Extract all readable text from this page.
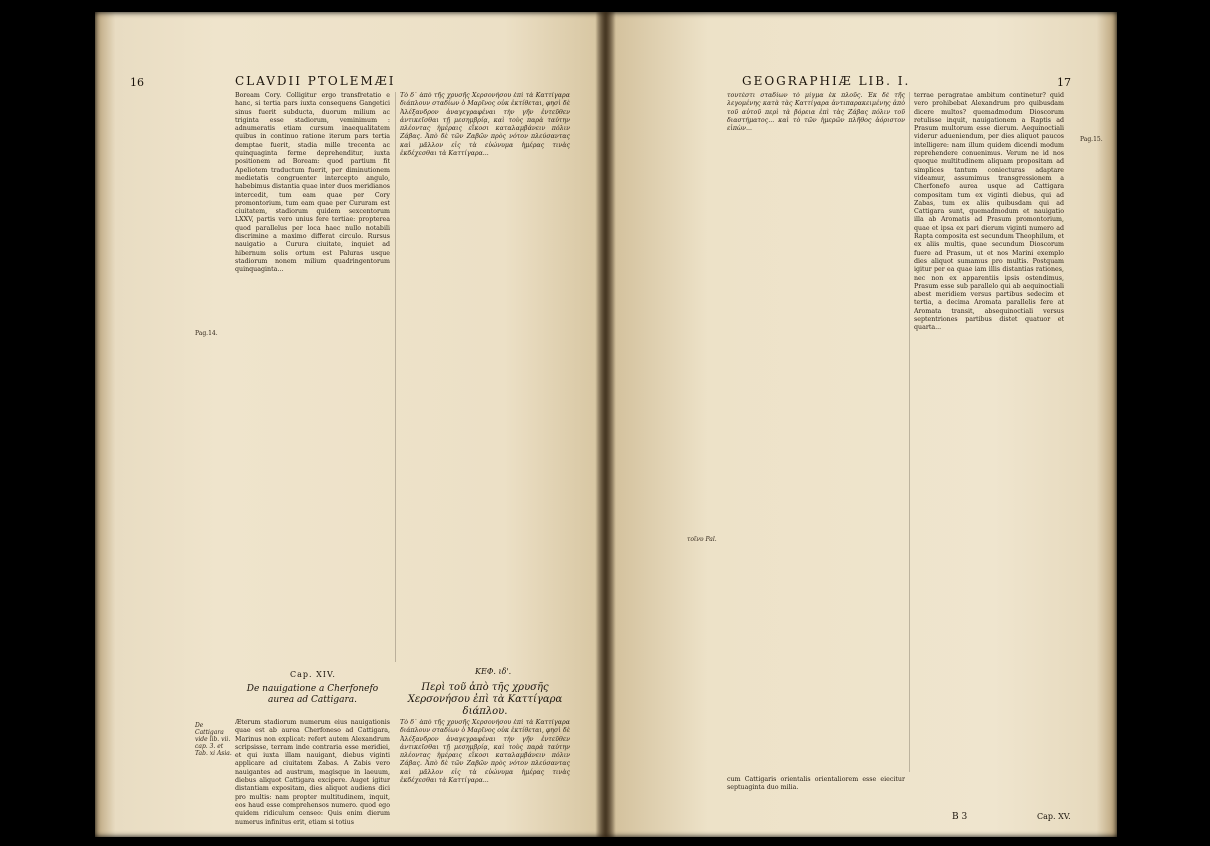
16	CLAVDII PTOLEMÆI
Pag.14.
Boream Cory. Colligitur ergo transfretatio e hanc, si tertia pars iuxta consequens Gangetici sinus fuerit subducta, duorum milium ac triginta esse stadiorum, veminimum : adnumeratis etiam cursum inaequalitatem quibus in continuo ratione iterum pars tertia demptae fuerit, stadia mille trecenta ac quinquaginta ferme deprehenditur, iuxta positionem ad Boream: quod partium fit Apeliotem traductum fuerit, per diminutionem medietatis congruenter intercepto angulo, habebimus distantia quae inter duos meridianos intercedit, tum eam quae per Cory promontorium, tum eam quae per Cururam est ciuitatem, stadiorum quidem sexcentorum LXXV, partis vero unius fere tertiae: propterea quod parallelus per loca haec nullo notabili discrimine a maximo differat circulo. Rursus nauigatio a Curura ciuitate, inquiet ad hibernum solis ortum est Paluras usque stadiorum nonem milium quadringentorum quinquaginta...
Τὸ δ᾽ ἀπὸ τῆς χρυσῆς Χερσονήσου ἐπὶ τὰ Καττίγαρα διάπλουν σταδίων ὁ Μαρῖνος οὐκ ἐκτίθεται, φησὶ δὲ Ἀλέξανδρον ἀναγεγραφέναι τὴν γῆν ἐντεῦθεν ἀντικεῖσθαι τῇ μεσημβρίᾳ, καὶ τοὺς παρὰ ταύτην πλέοντας ἡμέραις εἴκοσι καταλαμβάνειν πόλιν Ζάβας. Ἀπὸ δὲ τῶν Ζαβῶν πρὸς νότον πλεύσαντας καὶ μᾶλλον εἰς τὰ εὐώνυμα ἡμέρας τινὰς ἐκδέχεσθαι τὰ Καττίγαρα...
Cap. XIV.	ΚΕΦ. ιδ'.
De nauigatione a Cherfonefo aurea ad Cattigara.
Περὶ τοῦ ἀπὸ τῆς χρυσῆς Χερσονήσου ἐπὶ τὰ Καττίγαρα διάπλου.
De Cattigara vide lib. vii. cap. 3. et Tab. xi Asia.
Æterum stadiorum numerum eius nauigationis quae est ab aurea Cherfoneso ad Cattigara, Marinus non explicat: refert autem Alexandrum scripsisse, terram inde contraria esse meridiei, et qui iuxta illam nauigant, diebus viginti applicare ad ciuitatem Zabas. A Zabis vero nauigantes ad austrum, magisque in laeuum, diebus aliquot Cattigara excipere. Auget igitur distantiam expositam, dies aliquot audiens dici pro multis: nam propter multitudinem, inquit, eos haud esse comprehensos numero. quod ego quidem ridiculum censeo: Quis enim dierum numerus infinitus erit, etiam si totius
Τὸ δ᾽ ἀπὸ τῆς χρυσῆς Χερσονήσου ἐπὶ τὰ Καττίγαρα διάπλουν σταδίων ὁ Μαρῖνος οὐκ ἐκτίθεται, φησὶ δὲ Ἀλέξανδρον ἀναγεγραφέναι τὴν γῆν ἐντεῦθεν ἀντικεῖσθαι τῇ μεσημβρίᾳ, καὶ τοὺς παρὰ ταύτην πλέοντας ἡμέραις εἴκοσι καταλαμβάνειν πόλιν Ζάβας. Ἀπὸ δὲ τῶν Ζαβῶν πρὸς νότον πλεύσαντας καὶ μᾶλλον εἰς τὰ εὐώνυμα ἡμέρας τινὰς ἐκδέχεσθαι τὰ Καττίγαρα...
GEOGRAPHIÆ LIB. I.	17
τουτέστι σταδίων τὸ μίγμα ἐκ πλοῦς. Ἐκ δὲ τῆς λεγομένης κατὰ τὰς Καττίγαρα ἀντιπαρακειμένης ἀπὸ τοῦ αὐτοῦ περὶ τὰ βόρεια ἐπὶ τὰς Ζάβας πόλιν τοῦ διαστήματος... καὶ τὸ τῶν ἡμερῶν πλῆθος ἀόριστον εἰπὼν...
terrae peragratae ambitum continetur? quid vero prohibebat Alexandrum pro quibusdam dicere multos? quemadmodum Dioscorum retulisse inquit, nauigationem a Raptis ad Prasum multorum esse dierum. Aequinoctiali viderur adueniendum, per dies aliquot paucos intelligere: nam illum quidem dicendi modum reprehendere conuenimus. Verum ne id nos quoque multitudinem aliquam propositam ad simplices tantum coniecturas adaptare videamur, assumimus transgressionem a Cherfonefo aurea usque ad Cattigara compositam tum ex viginti diebus, qui ad Zabas, tum ex aliis quibusdam qui ad Cattigara sunt, quemadmodum et nauigatio illa ab Aromatis ad Prasum promontorium, quae et ipsa ex pari dierum viginti numero ad Rapta composita est secundum Theophilum, et ex aliis multis, quae secundum Dioscorum fuere ad Prasum, ut et nos Marini exemplo dies aliquot sumamus pro multis. Postquam igitur per ea quae iam illis distantias rationes, nec non ex apparentiis ipsis ostendimus, Prasum esse sub parallelo qui ab aequinoctiali abest meridiem versus partibus sedecim et tertia, a decima Aromata parallelis fere at Aromata transit, absequinoctiali versus septentriones partibus distet quatuor et quarta...
Pag.15.
τοῖνυ Pal.
cum Cattigaris orientalis orientaliorem esse eiecitur septuaginta duo milia.
B 3	Cap. XV.
